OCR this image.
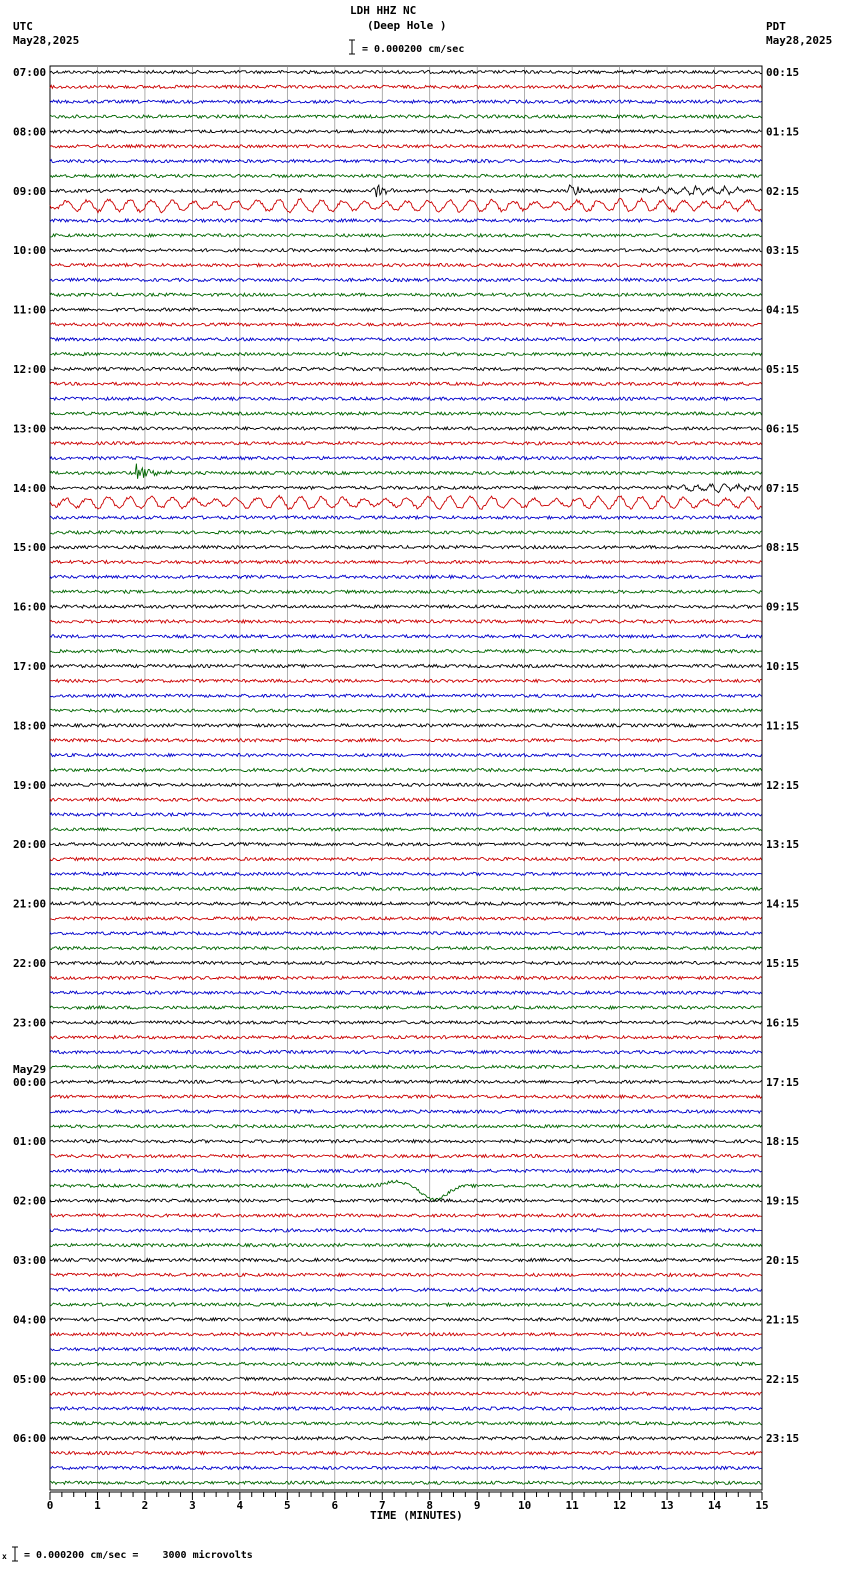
07:00
08:00
09:00
10:00
11:00
12:00
13:00
14:00
15:00
16:00
17:00
18:00
19:00
20:00
21:00
22:00
23:00
00:00
01:00
02:00
03:00
04:00
05:00
06:00
00:15
01:15
02:15
03:15
04:15
05:15
06:15
07:15
08:15
09:15
10:15
11:15
12:15
13:15
14:15
15:15
16:15
17:15
18:15
19:15
20:15
21:15
22:15
23:15
0	1	2	3	4	5	6	7	8	9	10	11	12	13	14	15
LDH HHZ NC
(Deep Hole )
= 0.000200 cm/sec
UTC
May28,2025
PDT
May28,2025
TIME (MINUTES)
x = 0.000200 cm/sec =    3000 microvolts
May29
